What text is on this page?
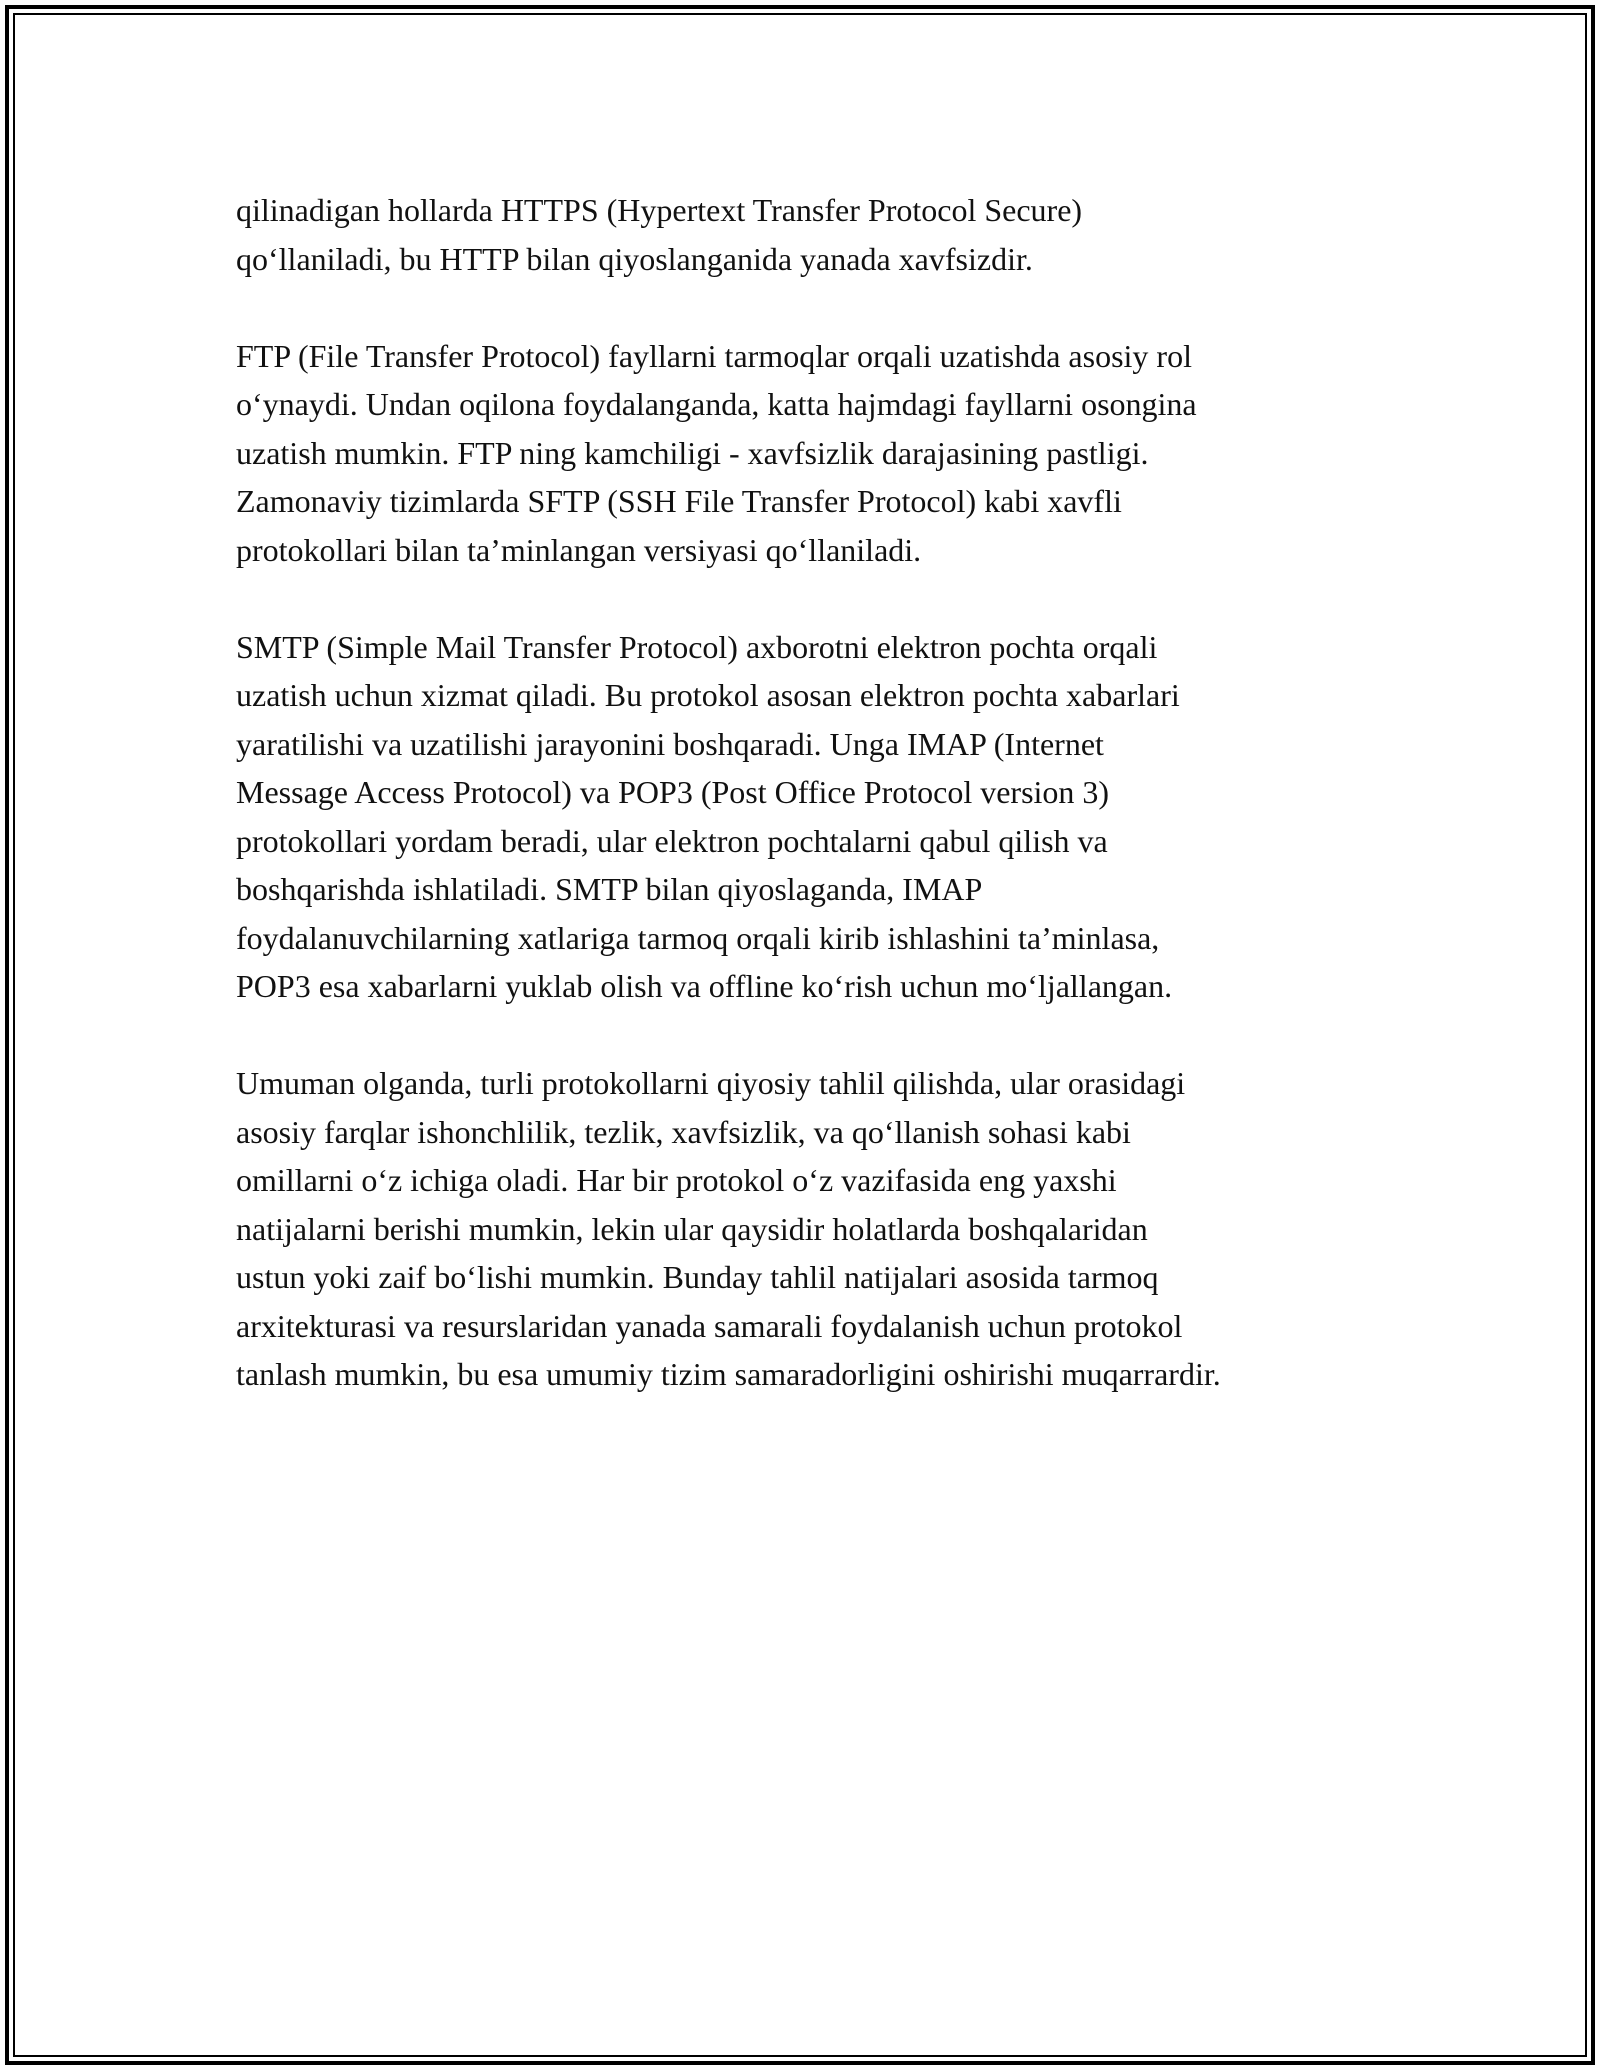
qilinadigan hollarda HTTPS (Hypertext Transfer Protocol Secure)
qo‘llaniladi, bu HTTP bilan qiyoslanganida yanada xavfsizdir.

FTP (File Transfer Protocol) fayllarni tarmoqlar orqali uzatishda asosiy rol
o‘ynaydi. Undan oqilona foydalanganda, katta hajmdagi fayllarni osongina
uzatish mumkin. FTP ning kamchiligi - xavfsizlik darajasining pastligi.
Zamonaviy tizimlarda SFTP (SSH File Transfer Protocol) kabi xavfli
protokollari bilan ta’minlangan versiyasi qo‘llaniladi.

SMTP (Simple Mail Transfer Protocol) axborotni elektron pochta orqali
uzatish uchun xizmat qiladi. Bu protokol asosan elektron pochta xabarlari
yaratilishi va uzatilishi jarayonini boshqaradi. Unga IMAP (Internet
Message Access Protocol) va POP3 (Post Office Protocol version 3)
protokollari yordam beradi, ular elektron pochtalarni qabul qilish va
boshqarishda ishlatiladi. SMTP bilan qiyoslaganda, IMAP
foydalanuvchilarning xatlariga tarmoq orqali kirib ishlashini ta’minlasa,
POP3 esa xabarlarni yuklab olish va offline ko‘rish uchun mo‘ljallangan.

Umuman olganda, turli protokollarni qiyosiy tahlil qilishda, ular orasidagi
asosiy farqlar ishonchlilik, tezlik, xavfsizlik, va qo‘llanish sohasi kabi
omillarni o‘z ichiga oladi. Har bir protokol o‘z vazifasida eng yaxshi
natijalarni berishi mumkin, lekin ular qaysidir holatlarda boshqalaridan
ustun yoki zaif bo‘lishi mumkin. Bunday tahlil natijalari asosida tarmoq
arxitekturasi va resurslaridan yanada samarali foydalanish uchun protokol
tanlash mumkin, bu esa umumiy tizim samaradorligini oshirishi muqarrardir.
